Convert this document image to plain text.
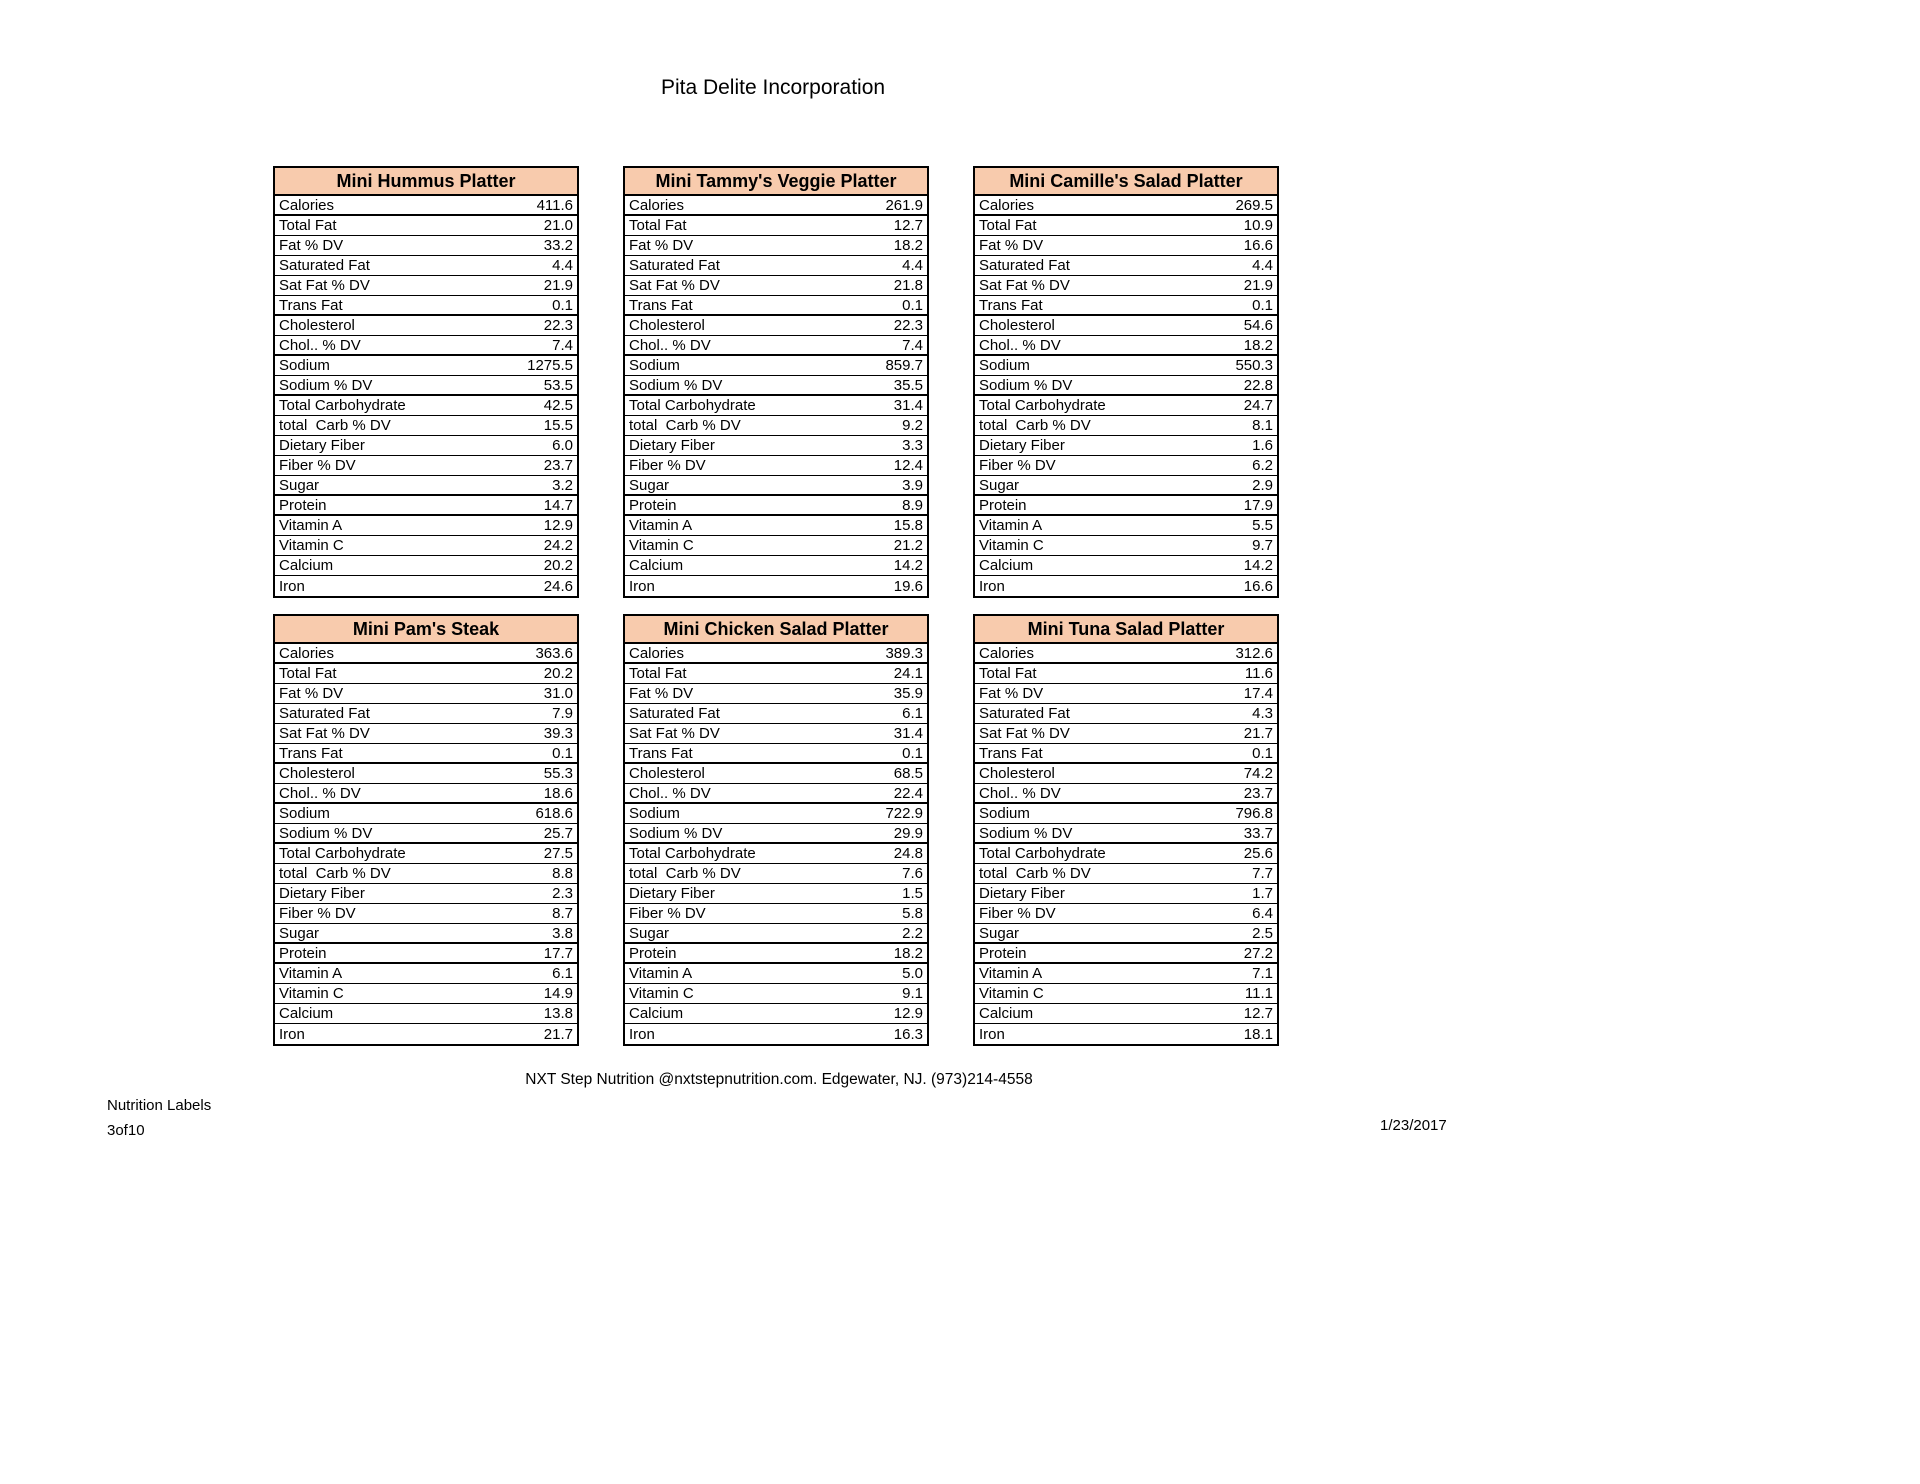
Pita Delite Incorporation
Mini Hummus Platter
Calories	411.6
Total Fat	21.0
Fat % DV	33.2
Saturated Fat	4.4
Sat Fat % DV	21.9
Trans Fat	0.1
Cholesterol	22.3
Chol.. % DV	7.4
Sodium	1275.5
Sodium % DV	53.5
Total Carbohydrate	42.5
total  Carb % DV	15.5
Dietary Fiber	6.0
Fiber % DV	23.7
Sugar	3.2
Protein	14.7
Vitamin A	12.9
Vitamin C	24.2
Calcium	20.2
Iron	24.6
Mini Tammy's Veggie Platter
Calories	261.9
Total Fat	12.7
Fat % DV	18.2
Saturated Fat	4.4
Sat Fat % DV	21.8
Trans Fat	0.1
Cholesterol	22.3
Chol.. % DV	7.4
Sodium	859.7
Sodium % DV	35.5
Total Carbohydrate	31.4
total  Carb % DV	9.2
Dietary Fiber	3.3
Fiber % DV	12.4
Sugar	3.9
Protein	8.9
Vitamin A	15.8
Vitamin C	21.2
Calcium	14.2
Iron	19.6
Mini Camille's Salad Platter
Calories	269.5
Total Fat	10.9
Fat % DV	16.6
Saturated Fat	4.4
Sat Fat % DV	21.9
Trans Fat	0.1
Cholesterol	54.6
Chol.. % DV	18.2
Sodium	550.3
Sodium % DV	22.8
Total Carbohydrate	24.7
total  Carb % DV	8.1
Dietary Fiber	1.6
Fiber % DV	6.2
Sugar	2.9
Protein	17.9
Vitamin A	5.5
Vitamin C	9.7
Calcium	14.2
Iron	16.6
Mini Pam's Steak
Calories	363.6
Total Fat	20.2
Fat % DV	31.0
Saturated Fat	7.9
Sat Fat % DV	39.3
Trans Fat	0.1
Cholesterol	55.3
Chol.. % DV	18.6
Sodium	618.6
Sodium % DV	25.7
Total Carbohydrate	27.5
total  Carb % DV	8.8
Dietary Fiber	2.3
Fiber % DV	8.7
Sugar	3.8
Protein	17.7
Vitamin A	6.1
Vitamin C	14.9
Calcium	13.8
Iron	21.7
Mini Chicken Salad Platter
Calories	389.3
Total Fat	24.1
Fat % DV	35.9
Saturated Fat	6.1
Sat Fat % DV	31.4
Trans Fat	0.1
Cholesterol	68.5
Chol.. % DV	22.4
Sodium	722.9
Sodium % DV	29.9
Total Carbohydrate	24.8
total  Carb % DV	7.6
Dietary Fiber	1.5
Fiber % DV	5.8
Sugar	2.2
Protein	18.2
Vitamin A	5.0
Vitamin C	9.1
Calcium	12.9
Iron	16.3
Mini Tuna Salad Platter
Calories	312.6
Total Fat	11.6
Fat % DV	17.4
Saturated Fat	4.3
Sat Fat % DV	21.7
Trans Fat	0.1
Cholesterol	74.2
Chol.. % DV	23.7
Sodium	796.8
Sodium % DV	33.7
Total Carbohydrate	25.6
total  Carb % DV	7.7
Dietary Fiber	1.7
Fiber % DV	6.4
Sugar	2.5
Protein	27.2
Vitamin A	7.1
Vitamin C	11.1
Calcium	12.7
Iron	18.1
NXT Step Nutrition @nxtstepnutrition.com. Edgewater, NJ. (973)214-4558
Nutrition Labels
3of10	1/23/2017
